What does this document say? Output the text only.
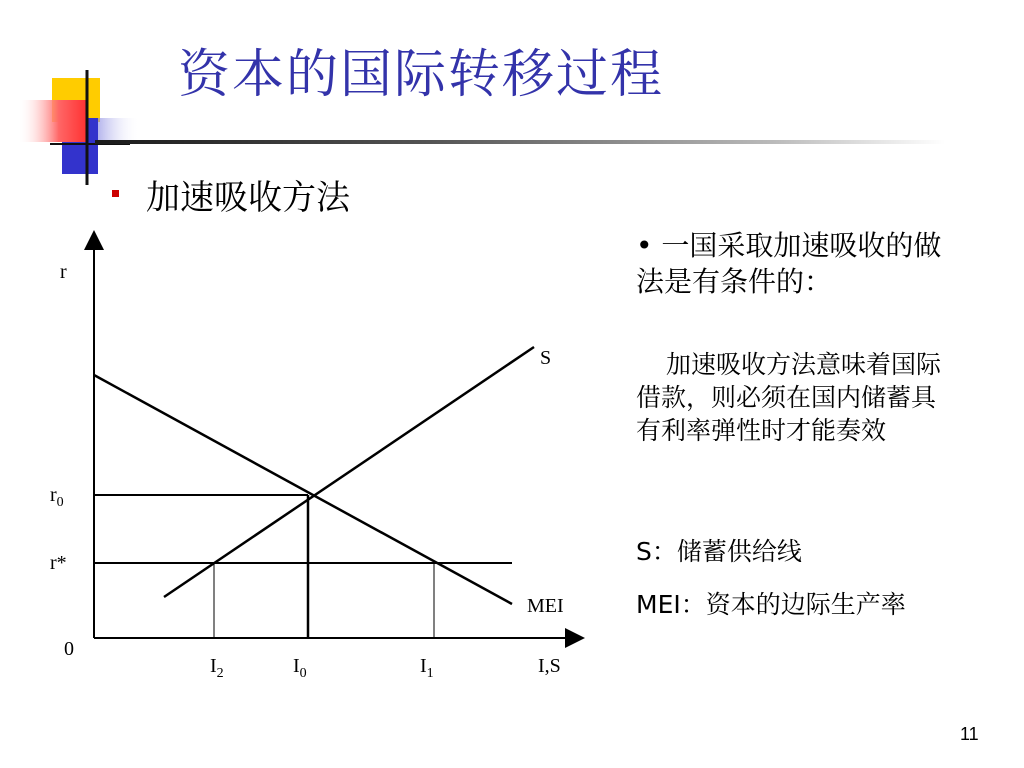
资本的国际转移过程
加速吸收方法
r
0
$r_0$
r*
S
MEI
$I_2$	$I_0$	$I_1$	I,S
• 一国采取加速吸收的做法是有条件的：
加速吸收方法意味着国际借款，则必须在国内储蓄具有利率弹性时才能奏效
S：储蓄供给线
MEI：资本的边际生产率
11
